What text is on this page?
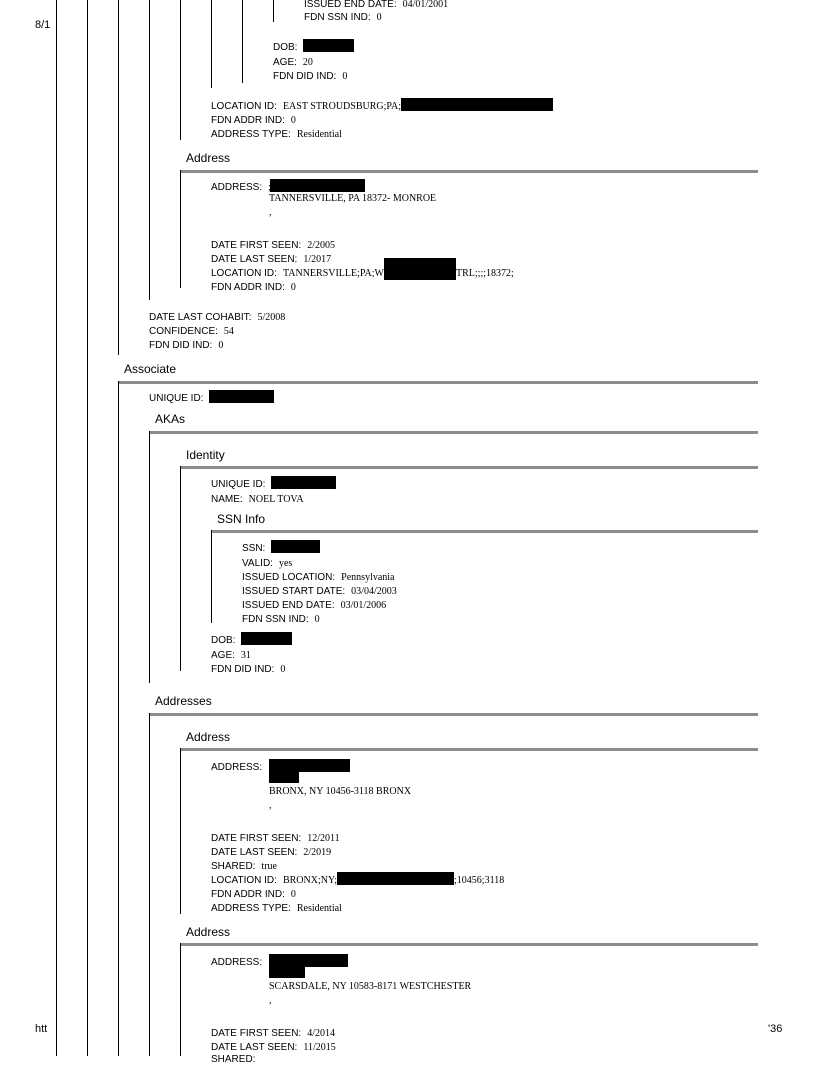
8/1
htt	'36
ISSUED END DATE: 04/01/2001
FDN SSN IND: 0
DOB:
AGE: 20
FDN DID IND: 0
LOCATION ID: EAST STROUDSBURG;PA;
FDN ADDR IND: 0
ADDRESS TYPE: Residential
Address
ADDRESS:
TANNERSVILLE, PA 18372- MONROE
,
DATE FIRST SEEN: 2/2005
DATE LAST SEEN: 1/2017
LOCATION ID: TANNERSVILLE;PA;W	TRL;;;;18372;
FDN ADDR IND: 0
DATE LAST COHABIT: 5/2008
CONFIDENCE: 54
FDN DID IND: 0
Associate
UNIQUE ID:
AKAs
Identity
UNIQUE ID:
NAME: NOEL TOVA
SSN Info
SSN:
VALID: yes
ISSUED LOCATION: Pennsylvania
ISSUED START DATE: 03/04/2003
ISSUED END DATE: 03/01/2006
FDN SSN IND: 0
DOB:
AGE: 31
FDN DID IND: 0
Addresses
Address
ADDRESS:
BRONX, NY 10456-3118 BRONX
,
DATE FIRST SEEN: 12/2011
DATE LAST SEEN: 2/2019
SHARED: true
LOCATION ID: BRONX;NY;	;10456;3118
FDN ADDR IND: 0
ADDRESS TYPE: Residential
Address
ADDRESS:
SCARSDALE, NY 10583-8171 WESTCHESTER
,
DATE FIRST SEEN: 4/2014
DATE LAST SEEN: 11/2015
SHARED:
